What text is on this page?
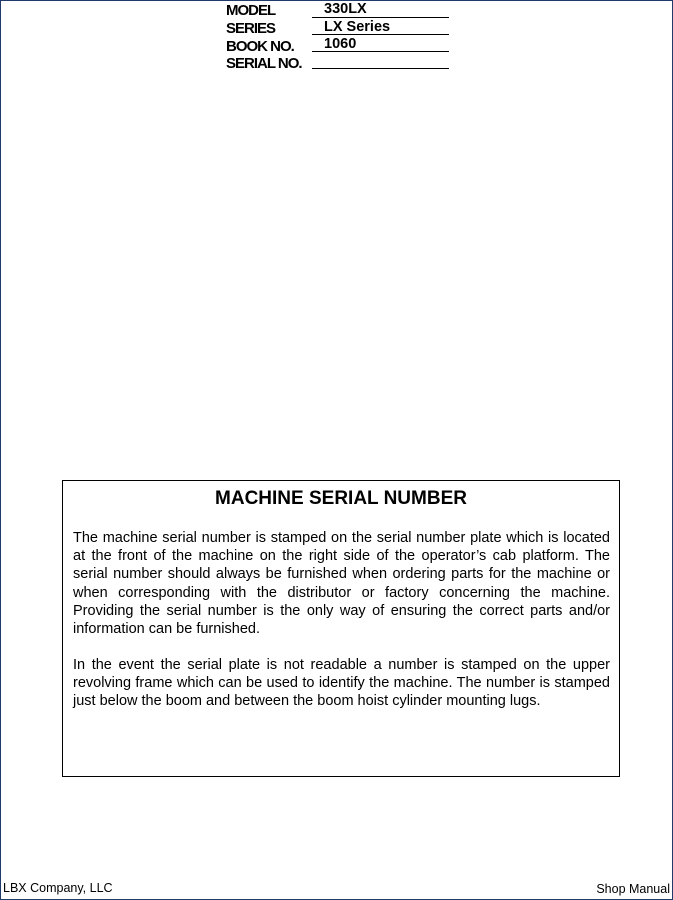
MODEL	330LX
SERIES	LX Series
BOOK NO. 1060
SERIAL NO.
MACHINE SERIAL NUMBER

The machine serial number is stamped on the serial number plate which is located at the front of the machine on the right side of the operator’s cab platform. The serial number should always be furnished when ordering parts for the machine or when corresponding with the distributor or factory concerning the machine. Providing the serial number is the only way of ensuring the correct parts and/or information can be furnished.

In the event the serial plate is not readable a number is stamped on the upper revolving frame which can be used to identify the machine. The number is stamped just below the boom and between the boom hoist cylinder mounting lugs.

LBX Company, LLC	Shop Manual
